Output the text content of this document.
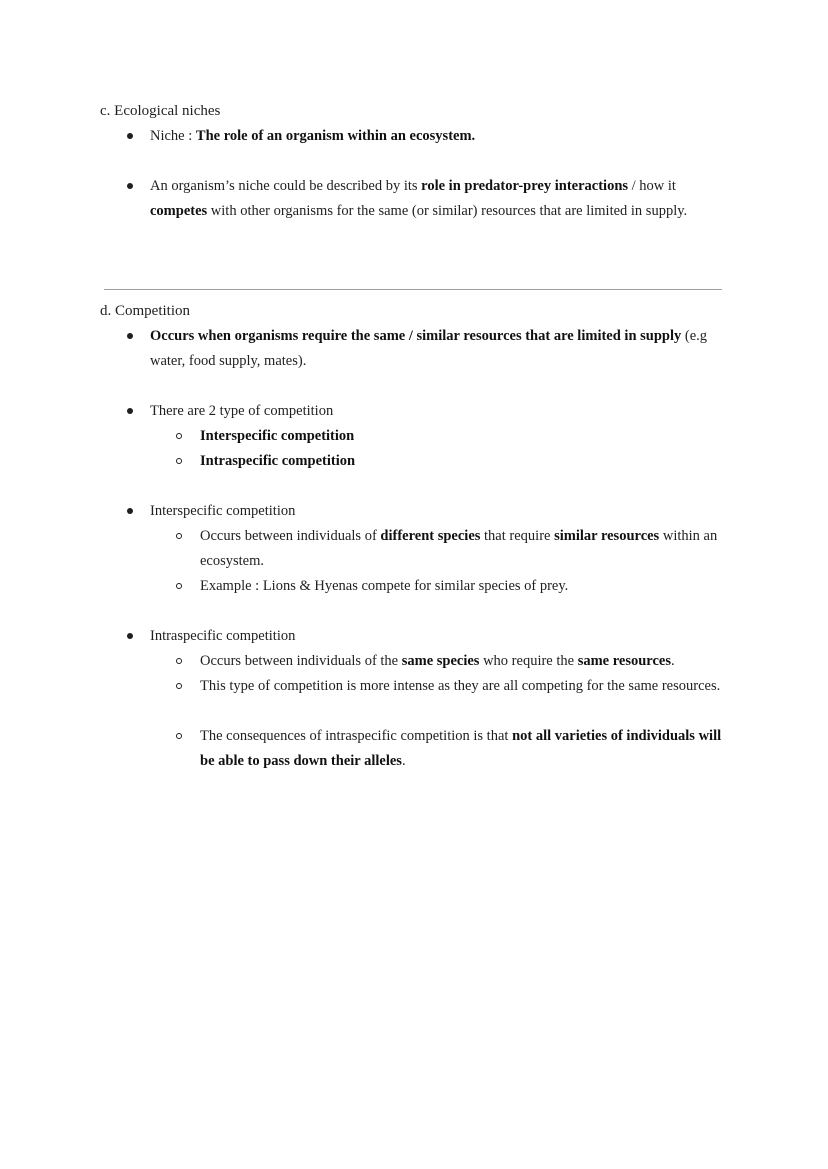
c. Ecological niches
Niche : The role of an organism within an ecosystem.
An organism’s niche could be described by its role in predator-prey interactions / how it competes with other organisms for the same (or similar) resources that are limited in supply.
d. Competition
Occurs when organisms require the same / similar resources that are limited in supply (e.g water, food supply, mates).
There are 2 type of competition
Interspecific competition
Intraspecific competition
Interspecific competition
Occurs between individuals of different species that require similar resources within an ecosystem.
Example : Lions & Hyenas compete for similar species of prey.
Intraspecific competition
Occurs between individuals of the same species who require the same resources.
This type of competition is more intense as they are all competing for the same resources.
The consequences of intraspecific competition is that not all varieties of individuals will be able to pass down their alleles.
